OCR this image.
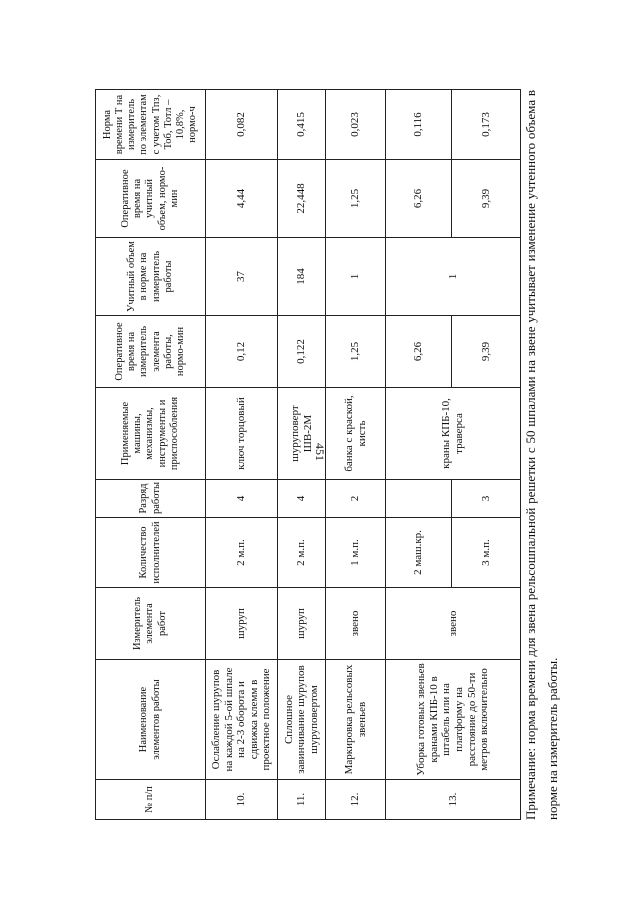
451
№ п/п	Наименование элементов работы	Измеритель элемента работ	Количество исполнителей	Разряд работы	Применяемые машины, механизмы, инструменты и приспособления	Оперативное время на измеритель элемента работы, нормо-мин	Учитный объем в норме на измеритель работы	Оперативное время на учитный объем, нормо-мин	Норма времени Т на измеритель по элементам с учетом Тпз, Тоб, Тотл – 10,8%, нормо-ч
10.	Ослабление шурупов на каждой 5-ой шпале на 2-3 оборота и сдвижка клемм в проектное положение	шуруп	2 м.п.	4	ключ торцовый	0,12	37	4,44	0,082
11.	Сплошное завинчивание шурупов шуруповертом	шуруп	2 м.п.	4	шуруповерт ШВ-2М	0,122	184	22,448	0,415
12.	Маркировка рельсовых звеньев	звено	1 м.п.	2	банка с краской, кисть	1,25	1	1,25	0,023
13.	Уборка готовых звеньев кранами КПБ-10 в штабель или на платформу на расстояние до 50-ти метров включительно	звено	2 маш.кр.		краны КПБ-10, траверса	6,26	1	6,26	0,116
			3 м.п.	3		9,39		9,39	0,173 Примечание: норма времени для звена рельсошпальной решетки с 50 шпалами на звене учитывает изменение учтенного объема в норме на измеритель работы.
